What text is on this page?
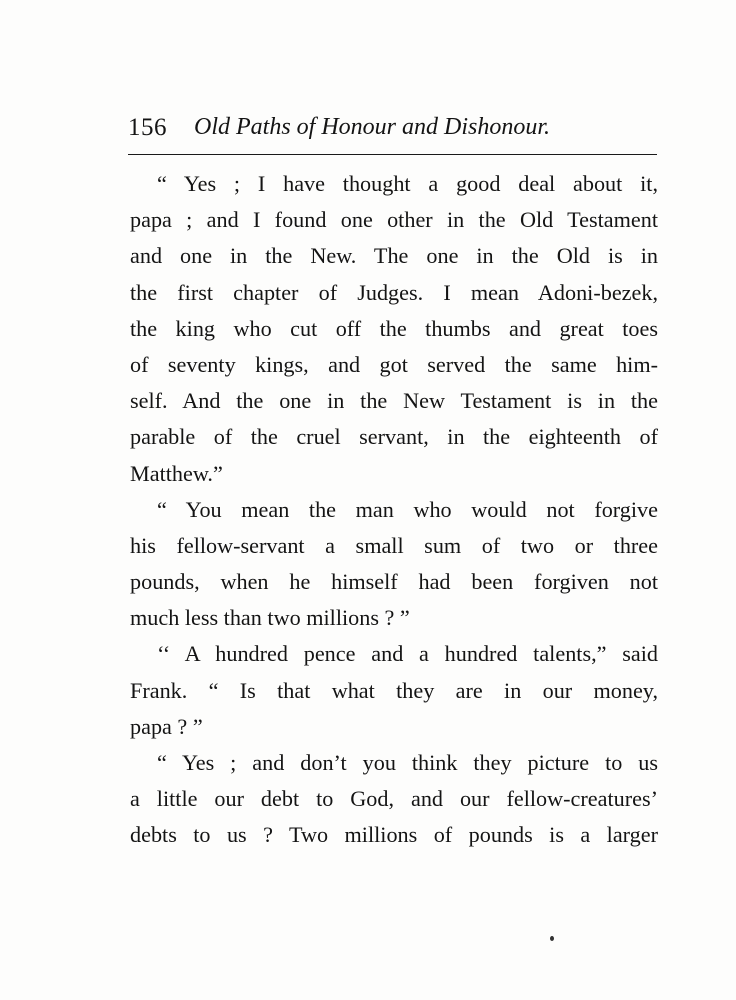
156 Old Paths of Honour and Dishonour.
“ Yes ; I have thought a good deal about it,
papa ; and I found one other in the Old Testament
and one in the New. The one in the Old is in
the first chapter of Judges. I mean Adoni-bezek,
the king who cut off the thumbs and great toes
of seventy kings, and got served the same him-
self. And the one in the New Testament is in the
parable of the cruel servant, in the eighteenth of
Matthew.”
“ You mean the man who would not forgive
his fellow-servant a small sum of two or three
pounds, when he himself had been forgiven not
much less than two millions ? ”
‘‘ A hundred pence and a hundred talents,” said
Frank. “ Is that what they are in our money,
papa ? ”
“ Yes ; and don’t you think they picture to us
a little our debt to God, and our fellow-creatures’
debts to us ? Two millions of pounds is a larger
